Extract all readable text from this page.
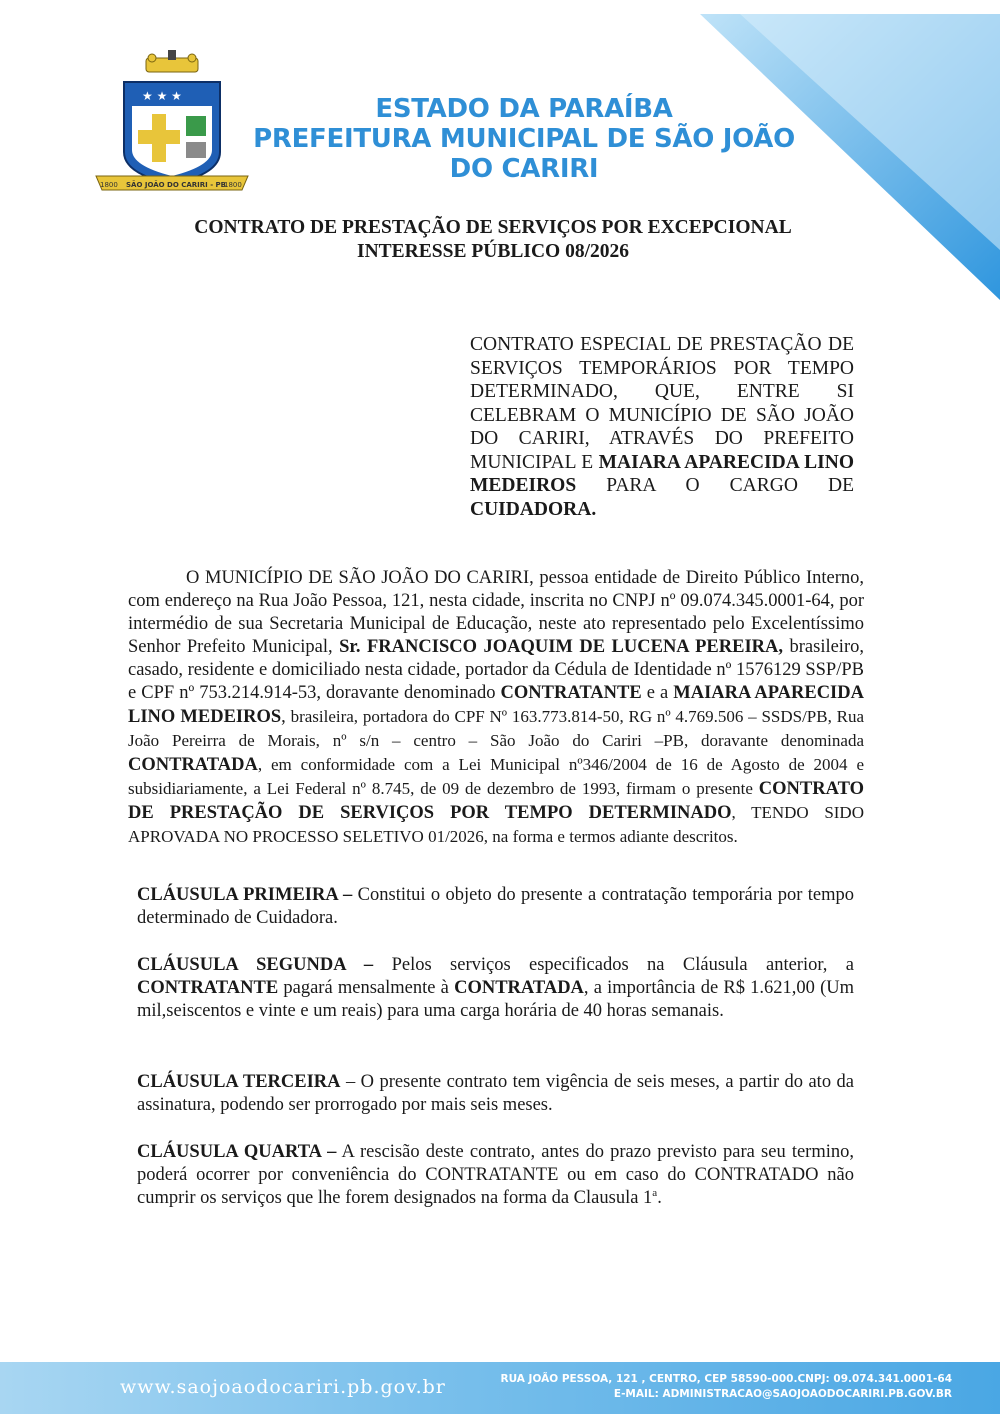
★ ★ ★
1800 SÃO JOÃO DO CARIRI - PB
1800
ESTADO DA PARAÍBA
PREFEITURA MUNICIPAL DE SÃO JOÃO DO CARIRI
CONTRATO DE PRESTAÇÃO DE SERVIÇOS POR EXCEPCIONAL
INTERESSE PÚBLICO 08/2026
CONTRATO ESPECIAL DE PRESTAÇÃO DE SERVIÇOS TEMPORÁRIOS POR TEMPO DETERMINADO, QUE, ENTRE SI CELEBRAM O MUNICÍPIO DE SÃO JOÃO DO CARIRI, ATRAVÉS DO PREFEITO MUNICIPAL E MAIARA APARECIDA LINO MEDEIROS PARA O CARGO DE CUIDADORA.
O MUNICÍPIO DE SÃO JOÃO DO CARIRI, pessoa entidade de Direito Público Interno, com endereço na Rua João Pessoa, 121, nesta cidade, inscrita no CNPJ nº 09.074.345.0001-64, por intermédio de sua Secretaria Municipal de Educação, neste ato representado pelo Excelentíssimo Senhor Prefeito Municipal, Sr. FRANCISCO JOAQUIM DE LUCENA PEREIRA, brasileiro, casado, residente e domiciliado nesta cidade, portador da Cédula de Identidade nº 1576129 SSP/PB e CPF nº 753.214.914-53, doravante denominado CONTRATANTE e a MAIARA APARECIDA LINO MEDEIROS, brasileira, portadora do CPF Nº 163.773.814-50, RG nº 4.769.506 – SSDS/PB, Rua João Pereirra de Morais, nº s/n – centro – São João do Cariri –PB, doravante denominada CONTRATADA, em conformidade com a Lei Municipal nº346/2004 de 16 de Agosto de 2004 e subsidiariamente, a Lei Federal nº 8.745, de 09 de dezembro de 1993, firmam o presente CONTRATO DE PRESTAÇÃO DE SERVIÇOS POR TEMPO DETERMINADO, TENDO SIDO APROVADA NO PROCESSO SELETIVO 01/2026, na forma e termos adiante descritos.
CLÁUSULA PRIMEIRA – Constitui o objeto do presente a contratação temporária por tempo determinado de Cuidadora.
CLÁUSULA SEGUNDA – Pelos serviços especificados na Cláusula anterior, a CONTRATANTE pagará mensalmente à CONTRATADA, a importância de R$ 1.621,00 (Um mil,seiscentos e vinte e um reais) para uma carga horária de 40 horas semanais.
CLÁUSULA TERCEIRA – O presente contrato tem vigência de seis meses, a partir do ato da assinatura, podendo ser prorrogado por mais seis meses.
CLÁUSULA QUARTA – A rescisão deste contrato, antes do prazo previsto para seu termino, poderá ocorrer por conveniência do CONTRATANTE ou em caso do CONTRATADO não cumprir os serviços que lhe forem designados na forma da Clausula 1$^a$.
www.saojoaodocariri.pb.gov.br	RUA JOÃO PESSOA, 121 , CENTRO, CEP 58590-000.CNPJ: 09.074.341.0001-64
E-MAIL: ADMINISTRACAO@SAOJOAODOCARIRI.PB.GOV.BR
